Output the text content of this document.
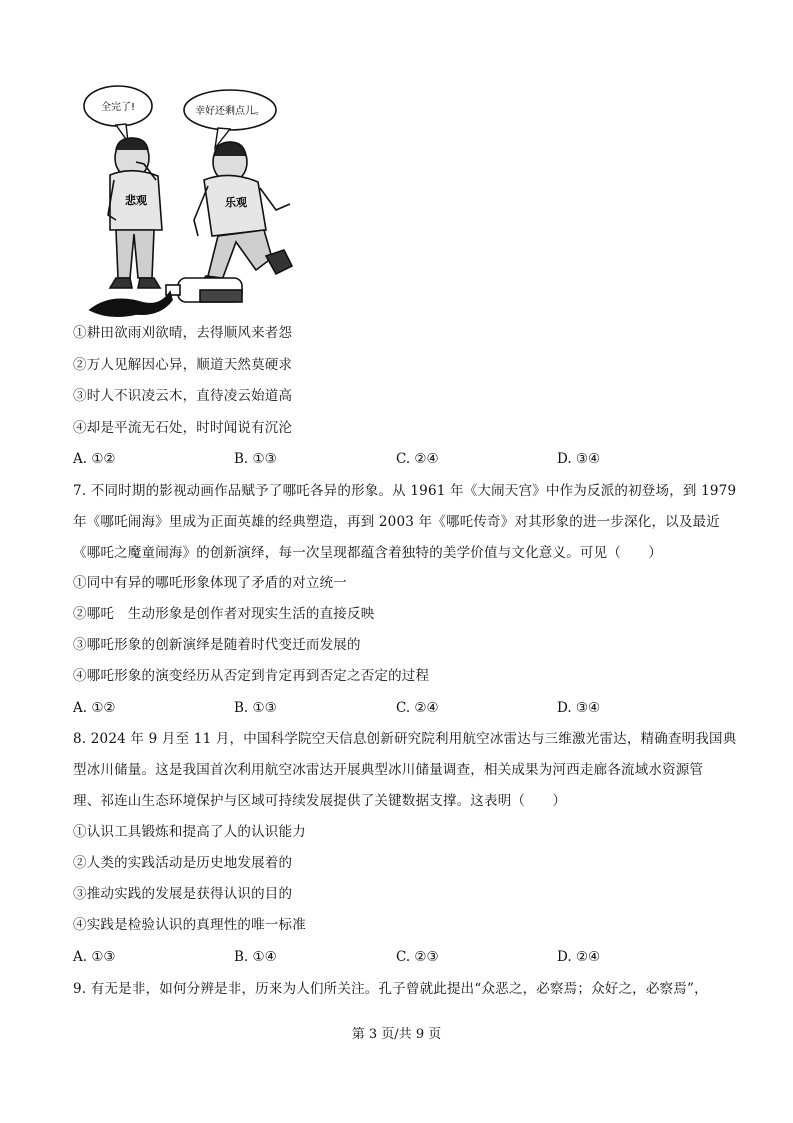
全完了!	幸好还剩点儿。
悲观	乐观
①耕田欲雨刈欲晴，去得顺风来者怨
②万人见解因心异，顺道天然莫硬求
③时人不识凌云木，直待凌云始道高
④却是平流无石处，时时闻说有沉沦
A. ①②	B. ①③	C. ②④	D. ③④
7. 不同时期的影视动画作品赋予了哪吒各异的形象。从 1961 年《大闹天宫》中作为反派的初登场，到 1979
年《哪吒闹海》里成为正面英雄的经典塑造，再到 2003 年《哪吒传奇》对其形象的进一步深化，以及最近
《哪吒之魔童闹海》的创新演绎，每一次呈现都蕴含着独特的美学价值与文化意义。可见（　　）
①同中有异的哪吒形象体现了矛盾的对立统一
②哪吒　生动形象是创作者对现实生活的直接反映
③哪吒形象的创新演绎是随着时代变迁而发展的
④哪吒形象的演变经历从否定到肯定再到否定之否定的过程
A. ①②	B. ①③	C. ②④	D. ③④
8. 2024 年 9 月至 11 月，中国科学院空天信息创新研究院利用航空冰雷达与三维激光雷达，精确查明我国典
型冰川储量。这是我国首次利用航空冰雷达开展典型冰川储量调查，相关成果为河西走廊各流域水资源管
理、祁连山生态环境保护与区域可持续发展提供了关键数据支撑。这表明（　　）
①认识工具锻炼和提高了人的认识能力
②人类的实践活动是历史地发展着的
③推动实践的发展是获得认识的目的
④实践是检验认识的真理性的唯一标准
A. ①③	B. ①④	C. ②③	D. ②④
9. 有无是非，如何分辨是非，历来为人们所关注。孔子曾就此提出“众恶之，必察焉；众好之，必察焉”，
第 3 页/共 9 页
